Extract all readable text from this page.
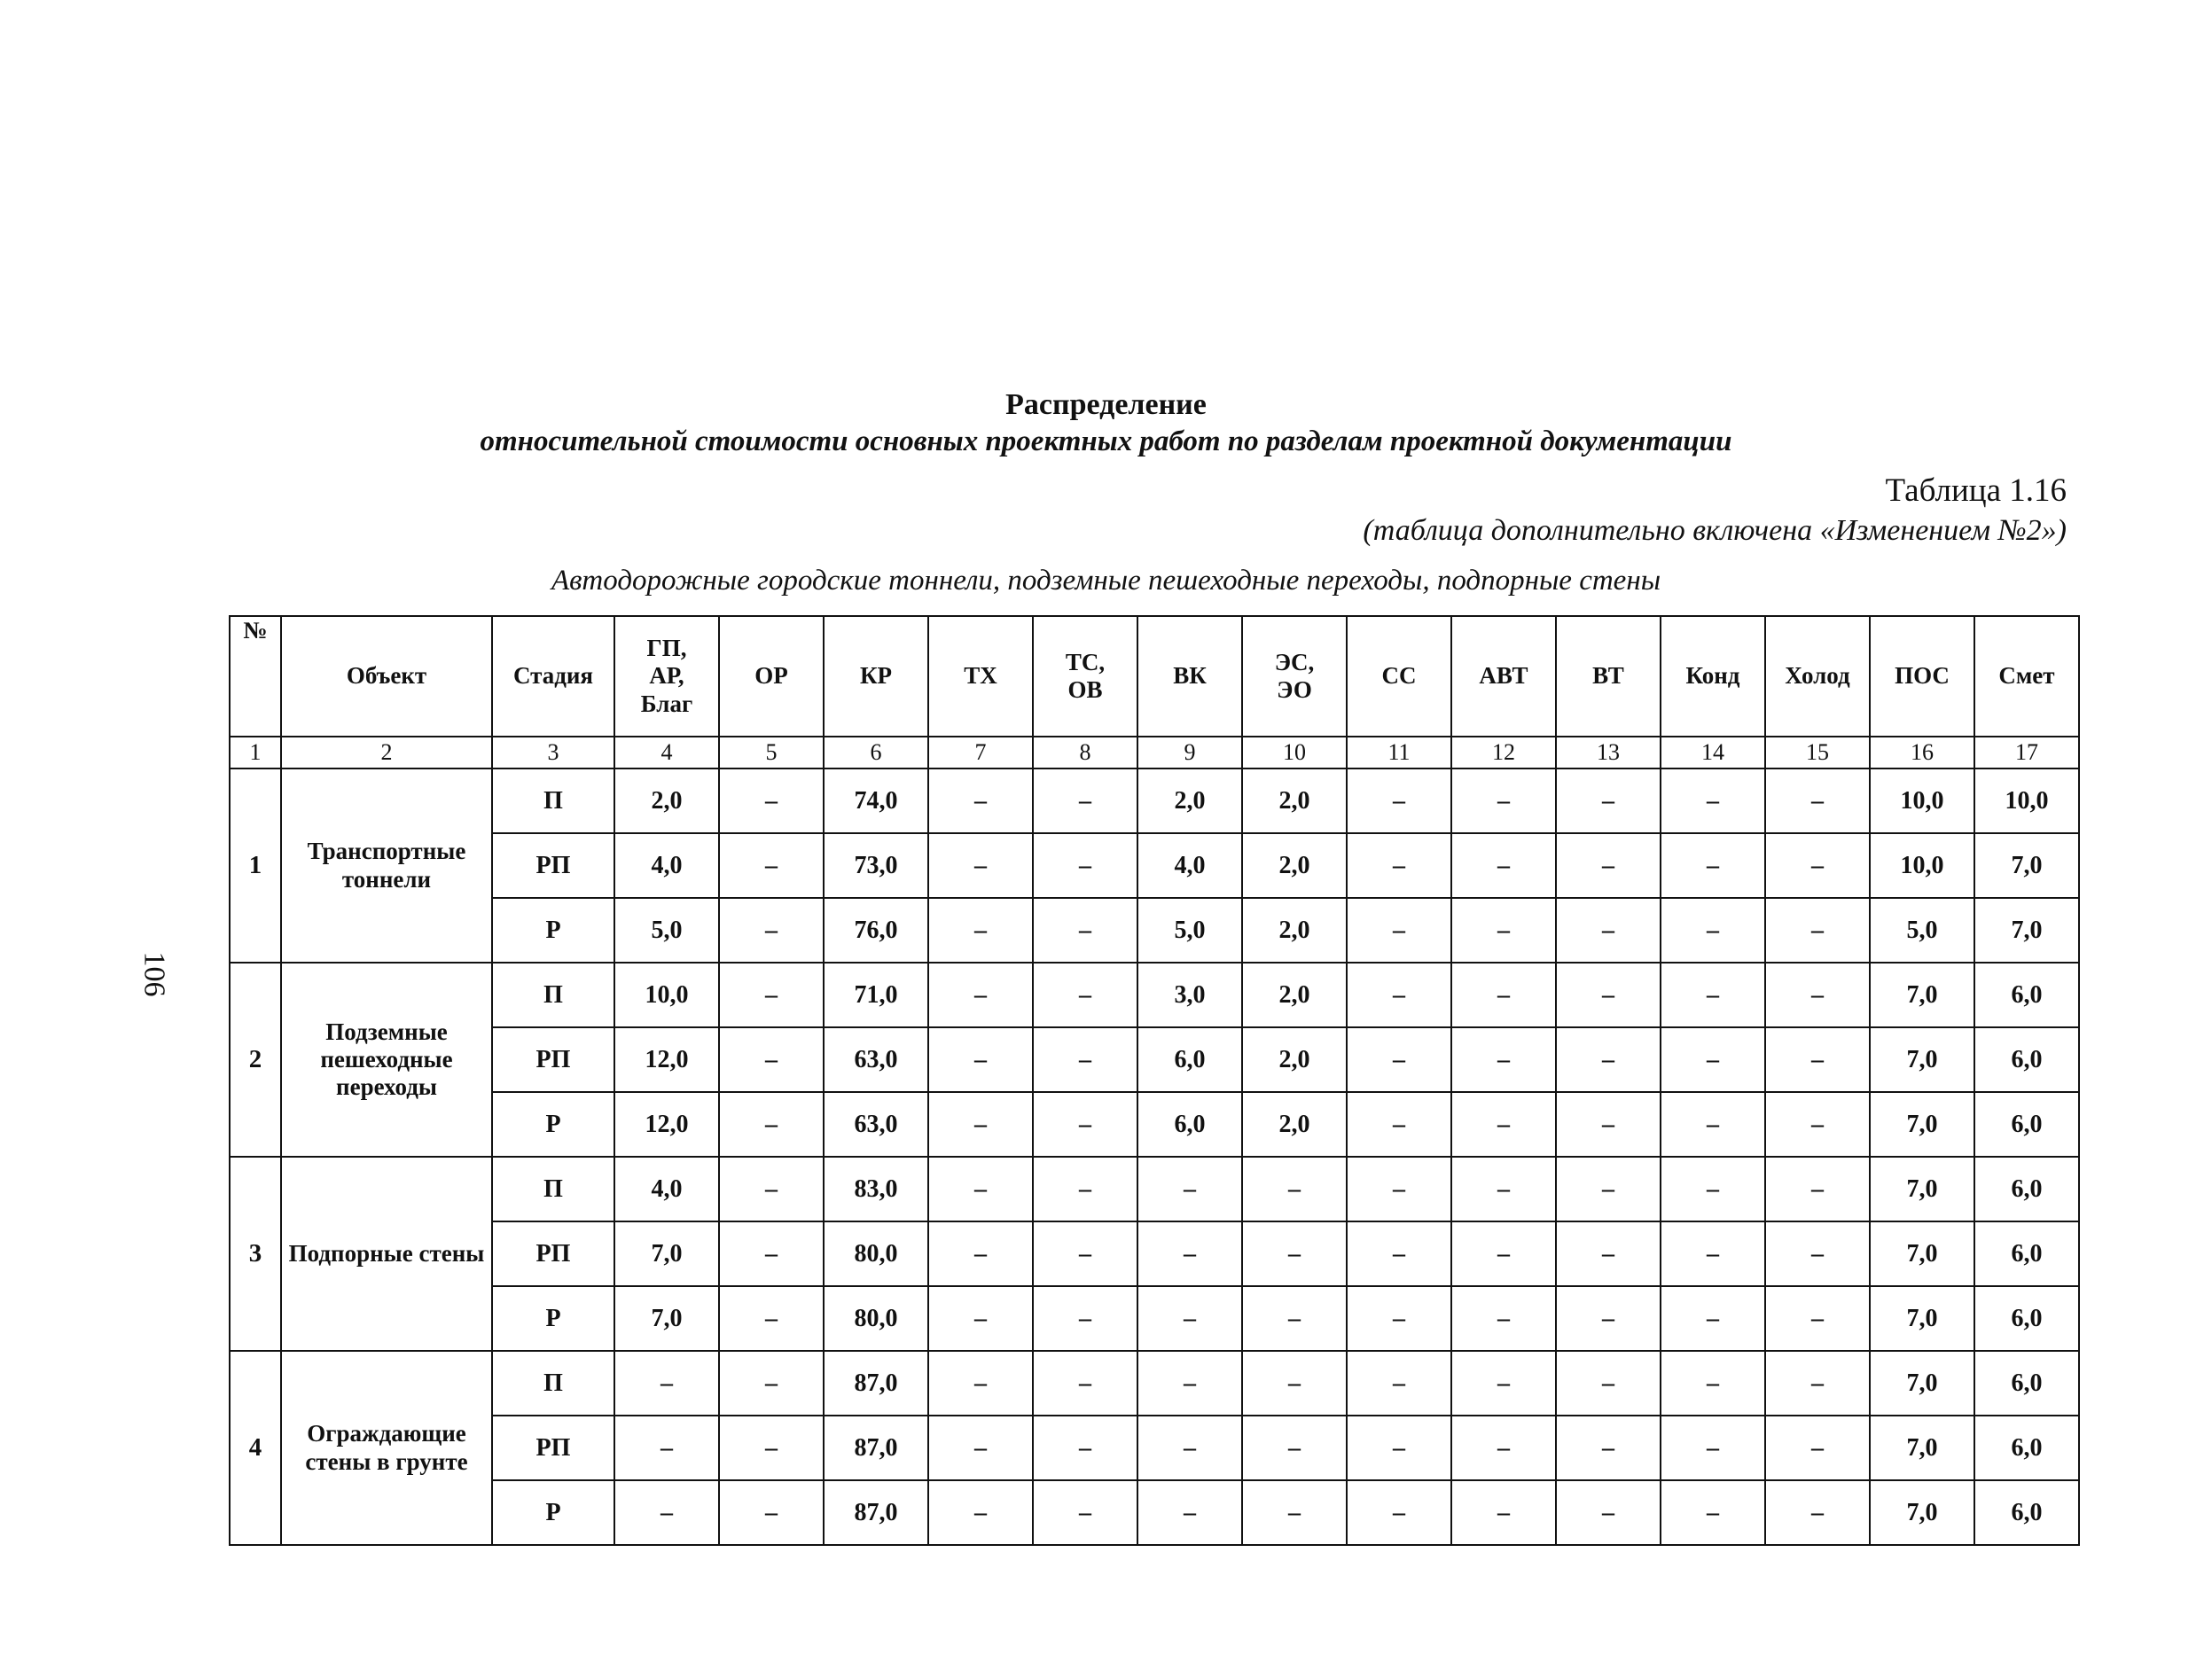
106
Распределение
относительной стоимости основных проектных работ по разделам проектной документации
Таблица 1.16
(таблица дополнительно включена «Изменением №2»)
Автодорожные городские тоннели, подземные пешеходные переходы, подпорные стены
№	Объект	Стадия	ГП,
АР,
Благ	ОР	КР	ТХ	ТС,
ОВ	ВК	ЭС,
ЭО	СС	АВТ	ВТ	Конд	Холод	ПОС	Смет

1	2	3	4	5	6	7	8	9	10	11	12	13	14	15	16	17
1	Транспортные тоннели	П	2,0	–	74,0	–	–	2,0	2,0	–	–	–	–	–	10,0	10,0
		РП	4,0	–	73,0	–	–	4,0	2,0	–	–	–	–	–	10,0	7,0
		Р	5,0	–	76,0	–	–	5,0	2,0	–	–	–	–	–	5,0	7,0
2	Подземные пешеходные переходы	П	10,0	–	71,0	–	–	3,0	2,0	–	–	–	–	–	7,0	6,0
		РП	12,0	–	63,0	–	–	6,0	2,0	–	–	–	–	–	7,0	6,0
		Р	12,0	–	63,0	–	–	6,0	2,0	–	–	–	–	–	7,0	6,0
3	Подпорные стены	П	4,0	–	83,0	–	–	–	–	–	–	–	–	–	7,0	6,0
		РП	7,0	–	80,0	–	–	–	–	–	–	–	–	–	7,0	6,0
		Р	7,0	–	80,0	–	–	–	–	–	–	–	–	–	7,0	6,0
4	Ограждающие стены в грунте	П	–	–	87,0	–	–	–	–	–	–	–	–	–	7,0	6,0
		РП	–	–	87,0	–	–	–	–	–	–	–	–	–	7,0	6,0
		Р	–	–	87,0	–	–	–	–	–	–	–	–	–	7,0	6,0
